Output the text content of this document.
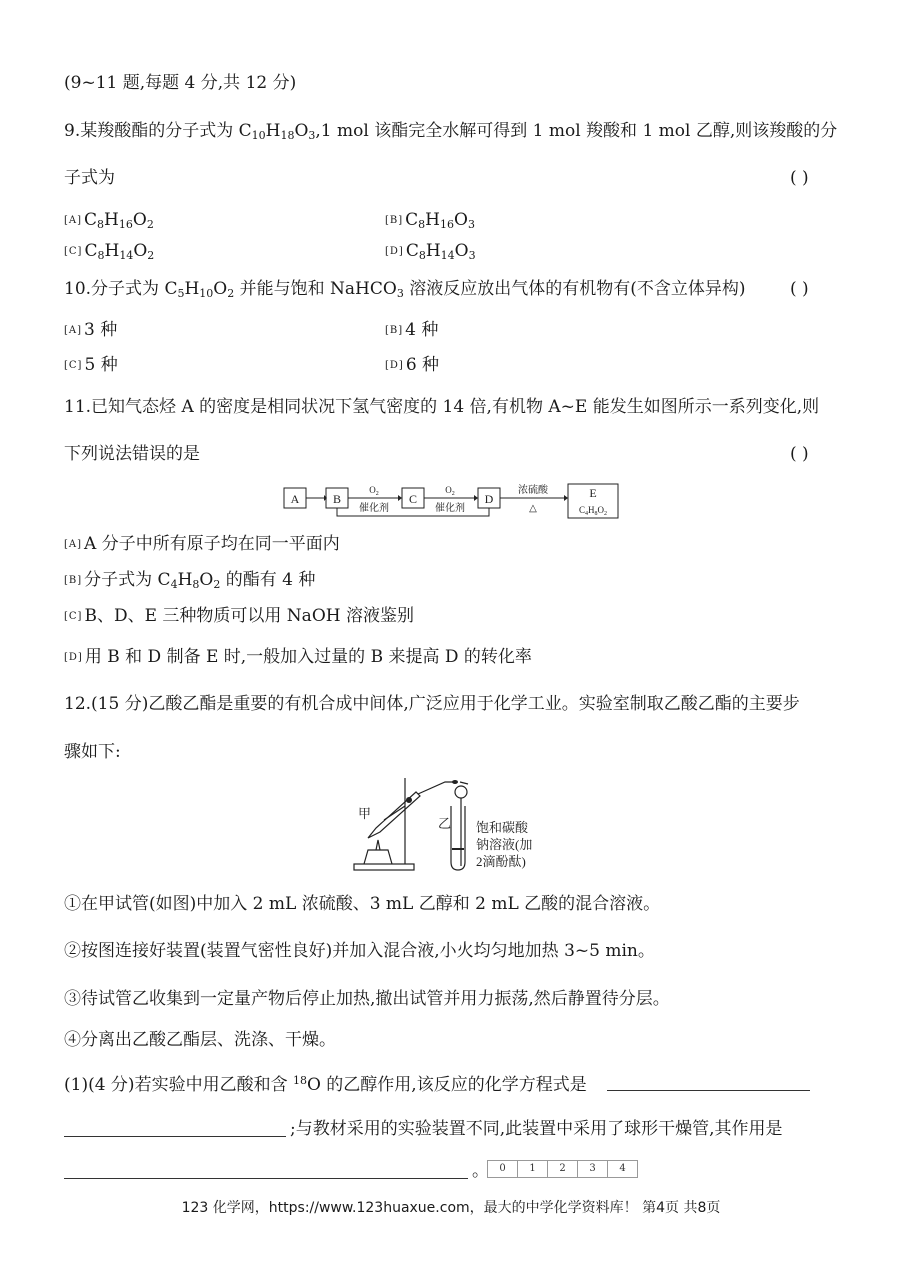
(9~11 题,每题 4 分,共 12 分)
9.某羧酸酯的分子式为 $C_{10}H_{18}O_3,1$ mol 该酯完全水解可得到 1 mol 羧酸和 1 mol 乙醇,则该羧酸的分
子式为	( )
[A] $C_8H_{16}O_2$	[B] $C_8H_{16}O_3$
[C] $C_8H_{14}O_2$	[D] $C_8H_{14}O_3$
10.分子式为 $C_5H_{10}O_2$ 并能与饱和 NaHCO$_3$ 溶液反应放出气体的有机物有(不含立体异构)	( )
[A] 3 种	[B] 4 种
[C] 5 种	[D] 6 种
11.已知气态烃 A 的密度是相同状况下氢气密度的 14 倍,有机物 A~E 能发生如图所示一系列变化,则
下列说法错误的是	( )
A	B	C	D	E
$C_4H_8O_2$
$O_2$
催化剂
$O_2$
催化剂
浓硫酸
△
[A] A 分子中所有原子均在同一平面内
[B] 分子式为 $C_4H_8O_2$ 的酯有 4 种
[C] B、D、E 三种物质可以用 NaOH 溶液鉴别
[D] 用 B 和 D 制备 E 时,一般加入过量的 B 来提高 D 的转化率
12.(15 分)乙酸乙酯是重要的有机合成中间体,广泛应用于化学工业。实验室制取乙酸乙酯的主要步
骤如下:
甲
乙 饱和碳酸
钠溶液(加
2滴酚酞)
①在甲试管(如图)中加入 2 mL 浓硫酸、3 mL 乙醇和 2 mL 乙酸的混合溶液。
②按图连接好装置(装置气密性良好)并加入混合液,小火均匀地加热 3~5 min。
③待试管乙收集到一定量产物后停止加热,撤出试管并用力振荡,然后静置待分层。
④分离出乙酸乙酯层、洗涤、干燥。
(1)(4 分)若实验中用乙酸和含 $^{18}$O 的乙醇作用,该反应的化学方程式是
;与教材采用的实验装置不同,此装置中采用了球形干燥管,其作用是
。	0	1	2	3	4
123 化学网，https://www.123huaxue.com，最大的中学化学资料库！ 第4页 共8页
